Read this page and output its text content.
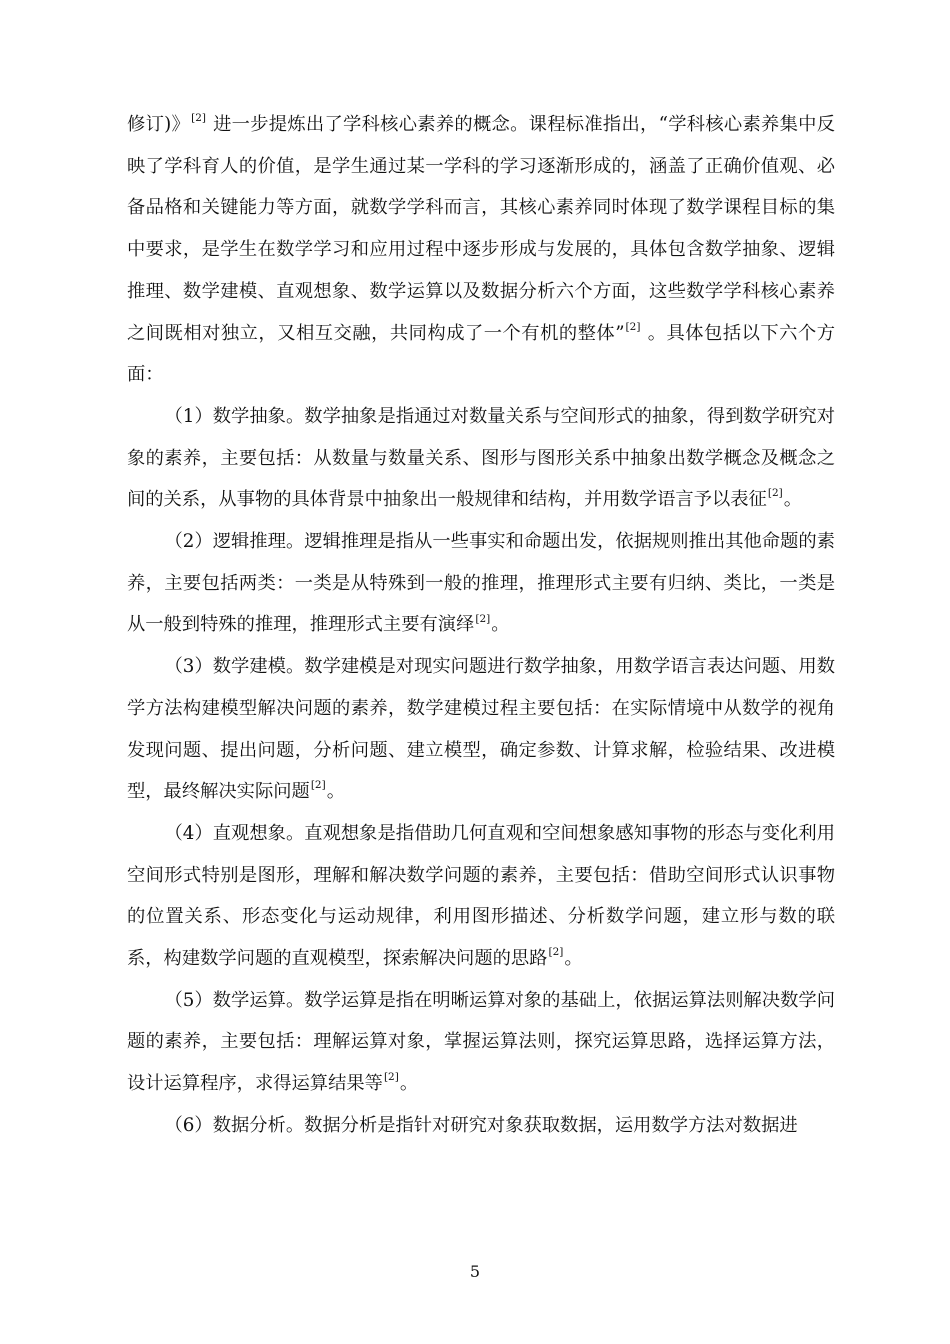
修订)》[2] 进一步提炼出了学科核心素养的概念。课程标准指出，“学科核心素养集中反映了学科育人的价值，是学生通过某一学科的学习逐渐形成的，涵盖了正确价值观、必备品格和关键能力等方面，就数学学科而言，其核心素养同时体现了数学课程目标的集中要求，是学生在数学学习和应用过程中逐步形成与发展的，具体包含数学抽象、逻辑推理、数学建模、直观想象、数学运算以及数据分析六个方面，这些数学学科核心素养之间既相对独立，又相互交融，共同构成了一个有机的整体”[2] 。具体包括以下六个方面：

（1）数学抽象。数学抽象是指通过对数量关系与空间形式的抽象，得到数学研究对象的素养，主要包括：从数量与数量关系、图形与图形关系中抽象出数学概念及概念之间的关系，从事物的具体背景中抽象出一般规律和结构，并用数学语言予以表征[2]。

（2）逻辑推理。逻辑推理是指从一些事实和命题出发，依据规则推出其他命题的素养，主要包括两类：一类是从特殊到一般的推理，推理形式主要有归纳、类比，一类是从一般到特殊的推理，推理形式主要有演绎[2]。

（3）数学建模。数学建模是对现实问题进行数学抽象，用数学语言表达问题、用数学方法构建模型解决问题的素养，数学建模过程主要包括：在实际情境中从数学的视角发现问题、提出问题，分析问题、建立模型，确定参数、计算求解，检验结果、改进模型，最终解决实际问题[2]。

（4）直观想象。直观想象是指借助几何直观和空间想象感知事物的形态与变化利用空间形式特别是图形，理解和解决数学问题的素养，主要包括：借助空间形式认识事物的位置关系、形态变化与运动规律，利用图形描述、分析数学问题，建立形与数的联系，构建数学问题的直观模型，探索解决问题的思路[2]。

（5）数学运算。数学运算是指在明晰运算对象的基础上，依据运算法则解决数学问题的素养，主要包括：理解运算对象，掌握运算法则，探究运算思路，选择运算方法，设计运算程序，求得运算结果等[2]。

（6）数据分析。数据分析是指针对研究对象获取数据，运用数学方法对数据进

5
